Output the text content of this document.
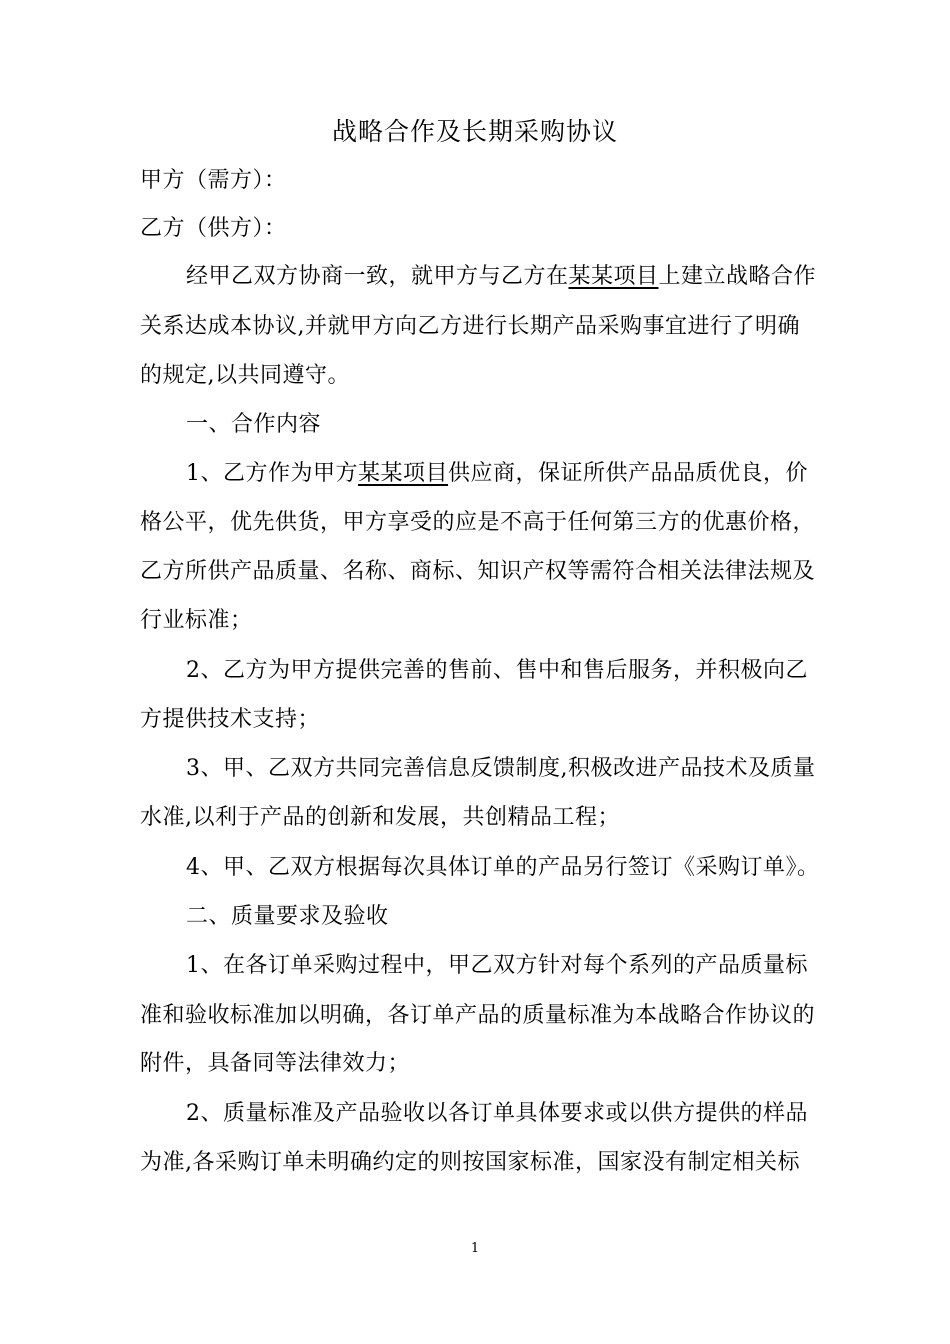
战略合作及长期采购协议
甲方（需方）：
乙方（供方）：
经甲乙双方协商一致，就甲方与乙方在某某项目上建立战略合作
关系达成本协议,并就甲方向乙方进行长期产品采购事宜进行了明确
的规定,以共同遵守。
一、合作内容
1、乙方作为甲方某某项目供应商，保证所供产品品质优良，价
格公平，优先供货，甲方享受的应是不高于任何第三方的优惠价格，
乙方所供产品质量、名称、商标、知识产权等需符合相关法律法规及
行业标准；
2、乙方为甲方提供完善的售前、售中和售后服务，并积极向乙
方提供技术支持；
3、甲、乙双方共同完善信息反馈制度,积极改进产品技术及质量
水准,以利于产品的创新和发展，共创精品工程；
4、甲、乙双方根据每次具体订单的产品另行签订《采购订单》。
二、质量要求及验收
1、在各订单采购过程中，甲乙双方针对每个系列的产品质量标
准和验收标准加以明确，各订单产品的质量标准为本战略合作协议的
附件，具备同等法律效力；
2、质量标准及产品验收以各订单具体要求或以供方提供的样品
为准,各采购订单未明确约定的则按国家标准，国家没有制定相关标
1
